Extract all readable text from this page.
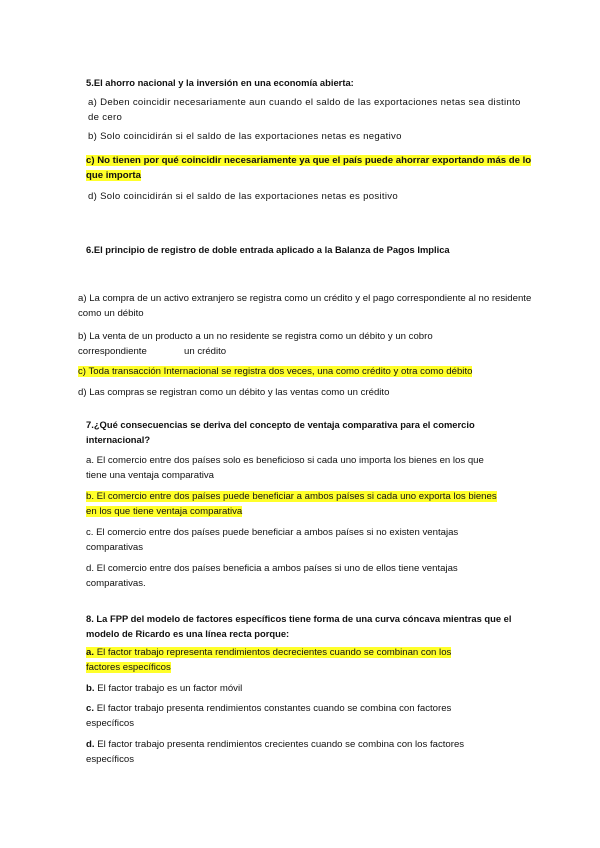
5.El ahorro nacional y la inversión en una economía abierta:

a) Deben coincidir necesariamente aun cuando el saldo de las exportaciones netas sea distinto de cero

b) Solo coincidirán si el saldo de las exportaciones netas es negativo

c) No tienen por qué coincidir necesariamente ya que el país puede ahorrar exportando más de lo que importa

d) Solo coincidirán si el saldo de las exportaciones netas es positivo

6.El principio de registro de doble entrada aplicado a la Balanza de Pagos Implica

a) La compra de un activo extranjero se registra como un crédito y el pago correspondiente al no residente como un débito

b) La venta de un producto a un no residente se registra como un débito y un cobro

correspondiente	un crédito

c) Toda transacción Internacional se registra dos veces, una como crédito y otra como débito

d) Las compras se registran como un débito y las ventas como un crédito

7.¿Qué consecuencias se deriva del concepto de ventaja comparativa para el comercio internacional?

a. El comercio entre dos países solo es beneficioso si cada uno importa los bienes en los que tiene una ventaja comparativa

b. El comercio entre dos países puede beneficiar a ambos países si cada uno exporta los bienes en los que tiene ventaja comparativa

c. El comercio entre dos países puede beneficiar a ambos países si no existen ventajas comparativas

d. El comercio entre dos países beneficia a ambos países si uno de ellos tiene ventajas comparativas.

8. La FPP del modelo de factores específicos tiene forma de una curva cóncava mientras que el modelo de Ricardo es una línea recta porque:

a. El factor trabajo representa rendimientos decrecientes cuando se combinan con los factores específicos

b. El factor trabajo es un factor móvil

c. El factor trabajo presenta rendimientos constantes cuando se combina con factores específicos

d. El factor trabajo presenta rendimientos crecientes cuando se combina con los factores específicos
